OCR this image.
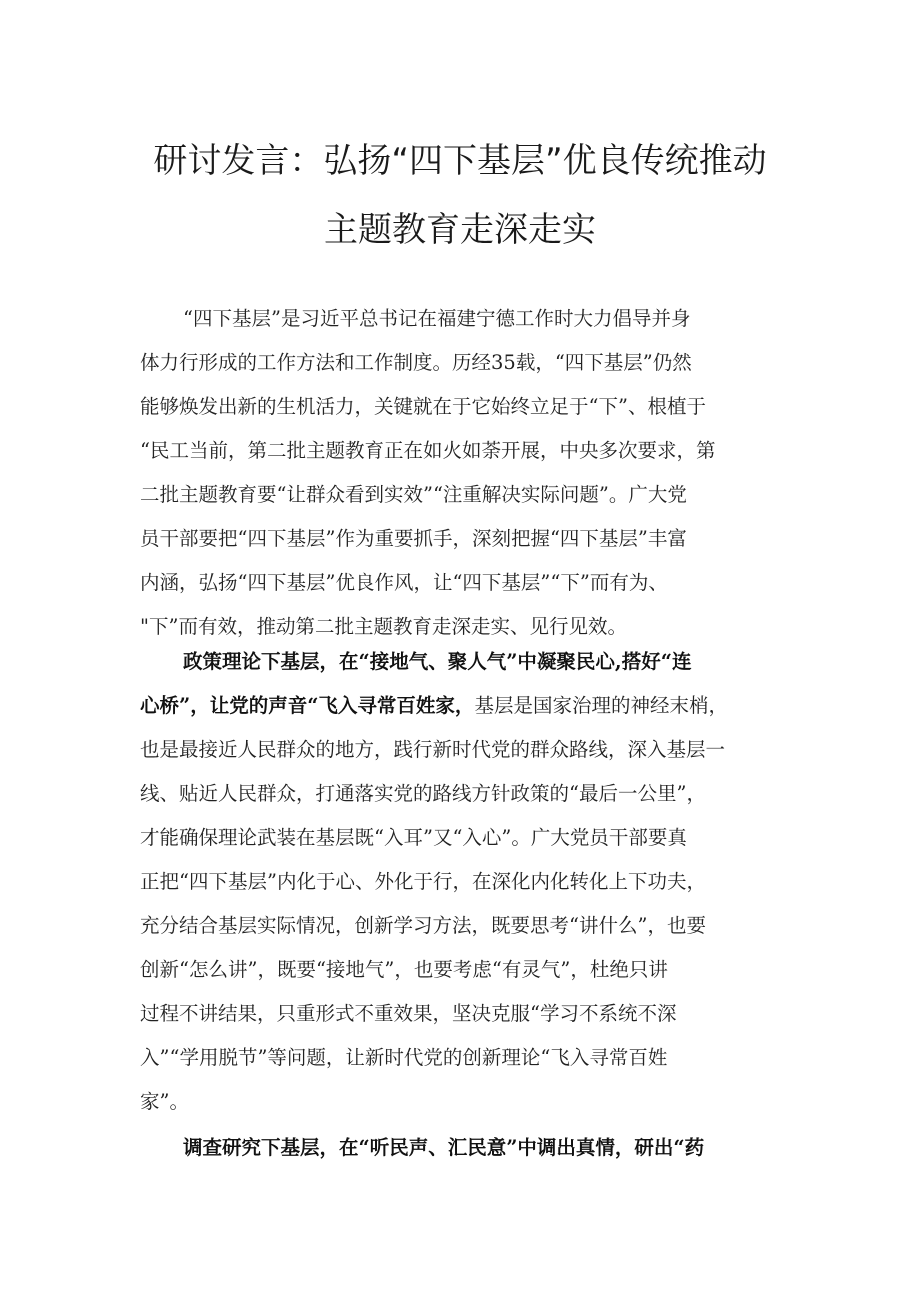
研讨发言：弘扬“四下基层”优良传统推动
主题教育走深走实
“四下基层”是习近平总书记在福建宁德工作时大力倡导并身
体力行形成的工作方法和工作制度。历经35载，“四下基层”仍然
能够焕发出新的生机活力，关键就在于它始终立足于“下”、根植于
“民工当前，第二批主题教育正在如火如荼开展，中央多次要求，第
二批主题教育要“让群众看到实效”“注重解决实际问题”。广大党
员干部要把“四下基层”作为重要抓手，深刻把握“四下基层”丰富
内涵，弘扬“四下基层”优良作风，让“四下基层”“下”而有为、
"下”而有效，推动第二批主题教育走深走实、见行见效。
政策理论下基层，在“接地气、聚人气”中凝聚民心,搭好“连
心桥”，让党的声音“飞入寻常百姓家，基层是国家治理的神经末梢，
也是最接近人民群众的地方，践行新时代党的群众路线，深入基层一
线、贴近人民群众，打通落实党的路线方针政策的“最后一公里”，
才能确保理论武装在基层既“入耳”又“入心”。广大党员干部要真
正把“四下基层”内化于心、外化于行，在深化内化转化上下功夫，
充分结合基层实际情况，创新学习方法，既要思考“讲什么”，也要
创新“怎么讲”，既要“接地气”，也要考虑“有灵气”，杜绝只讲
过程不讲结果，只重形式不重效果，坚决克服“学习不系统不深
入”“学用脱节”等问题，让新时代党的创新理论“飞入寻常百姓
家”。
调查研究下基层，在“听民声、汇民意”中调出真情，研出“药
